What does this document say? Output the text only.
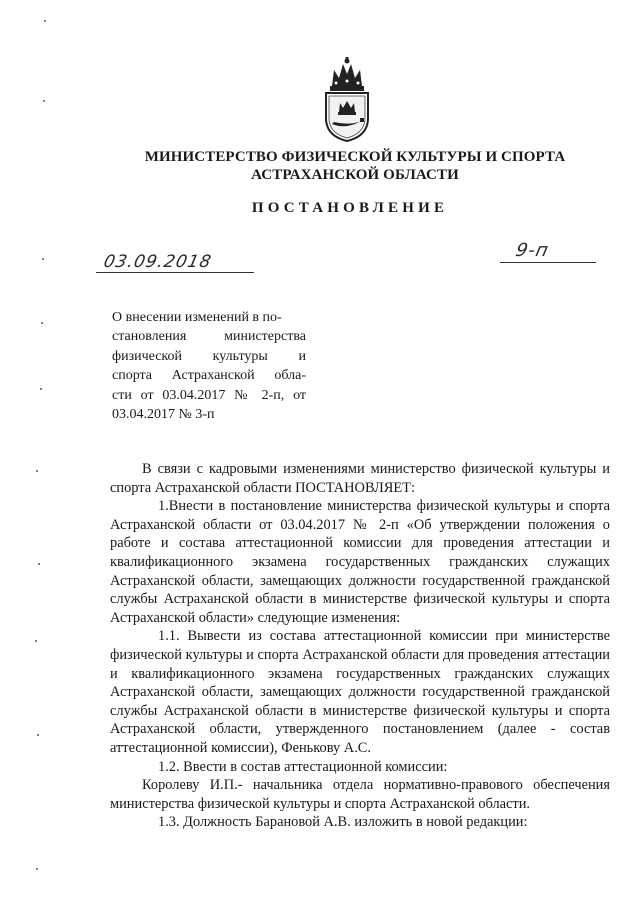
МИНИСТЕРСТВО ФИЗИЧЕСКОЙ КУЛЬТУРЫ И СПОРТА
АСТРАХАНСКОЙ ОБЛАСТИ
ПОСТАНОВЛЕНИЕ
03.09.2018
9-п

О внесении изменений в по-

становления министерства

физической культуры и

спорта Астраханской обла-

сти от 03.04.2017 № 2-п, от

03.04.2017 № 3-п

В связи с кадровыми изменениями министерство физической культуры и спорта Астраханской области ПОСТАНОВЛЯЕТ:

1.Внести в постановление министерства физической культуры и спорта Астраханской области от 03.04.2017 № 2-п «Об утверждении положения о работе и состава аттестационной комиссии для проведения аттестации и квалификационного экзамена государственных гражданских служащих Астраханской области, замещающих должности государственной гражданской службы Астраханской области в министерстве физической культуры и спорта Астраханской области» следующие изменения:

1.1. Вывести из состава аттестационной комиссии при министерстве физической культуры и спорта Астраханской области для проведения аттестации и квалификационного экзамена государственных гражданских служащих Астраханской области, замещающих должности государственной гражданской службы Астраханской области в министерстве физической культуры и спорта Астраханской области, утвержденного постановлением (далее - состав аттестационной комиссии), Фенькову А.С.

1.2. Ввести в состав аттестационной комиссии:

Королеву И.П.- начальника отдела нормативно-правового обеспечения министерства физической культуры и спорта Астраханской области.

1.3. Должность Барановой А.В. изложить в новой редакции:
